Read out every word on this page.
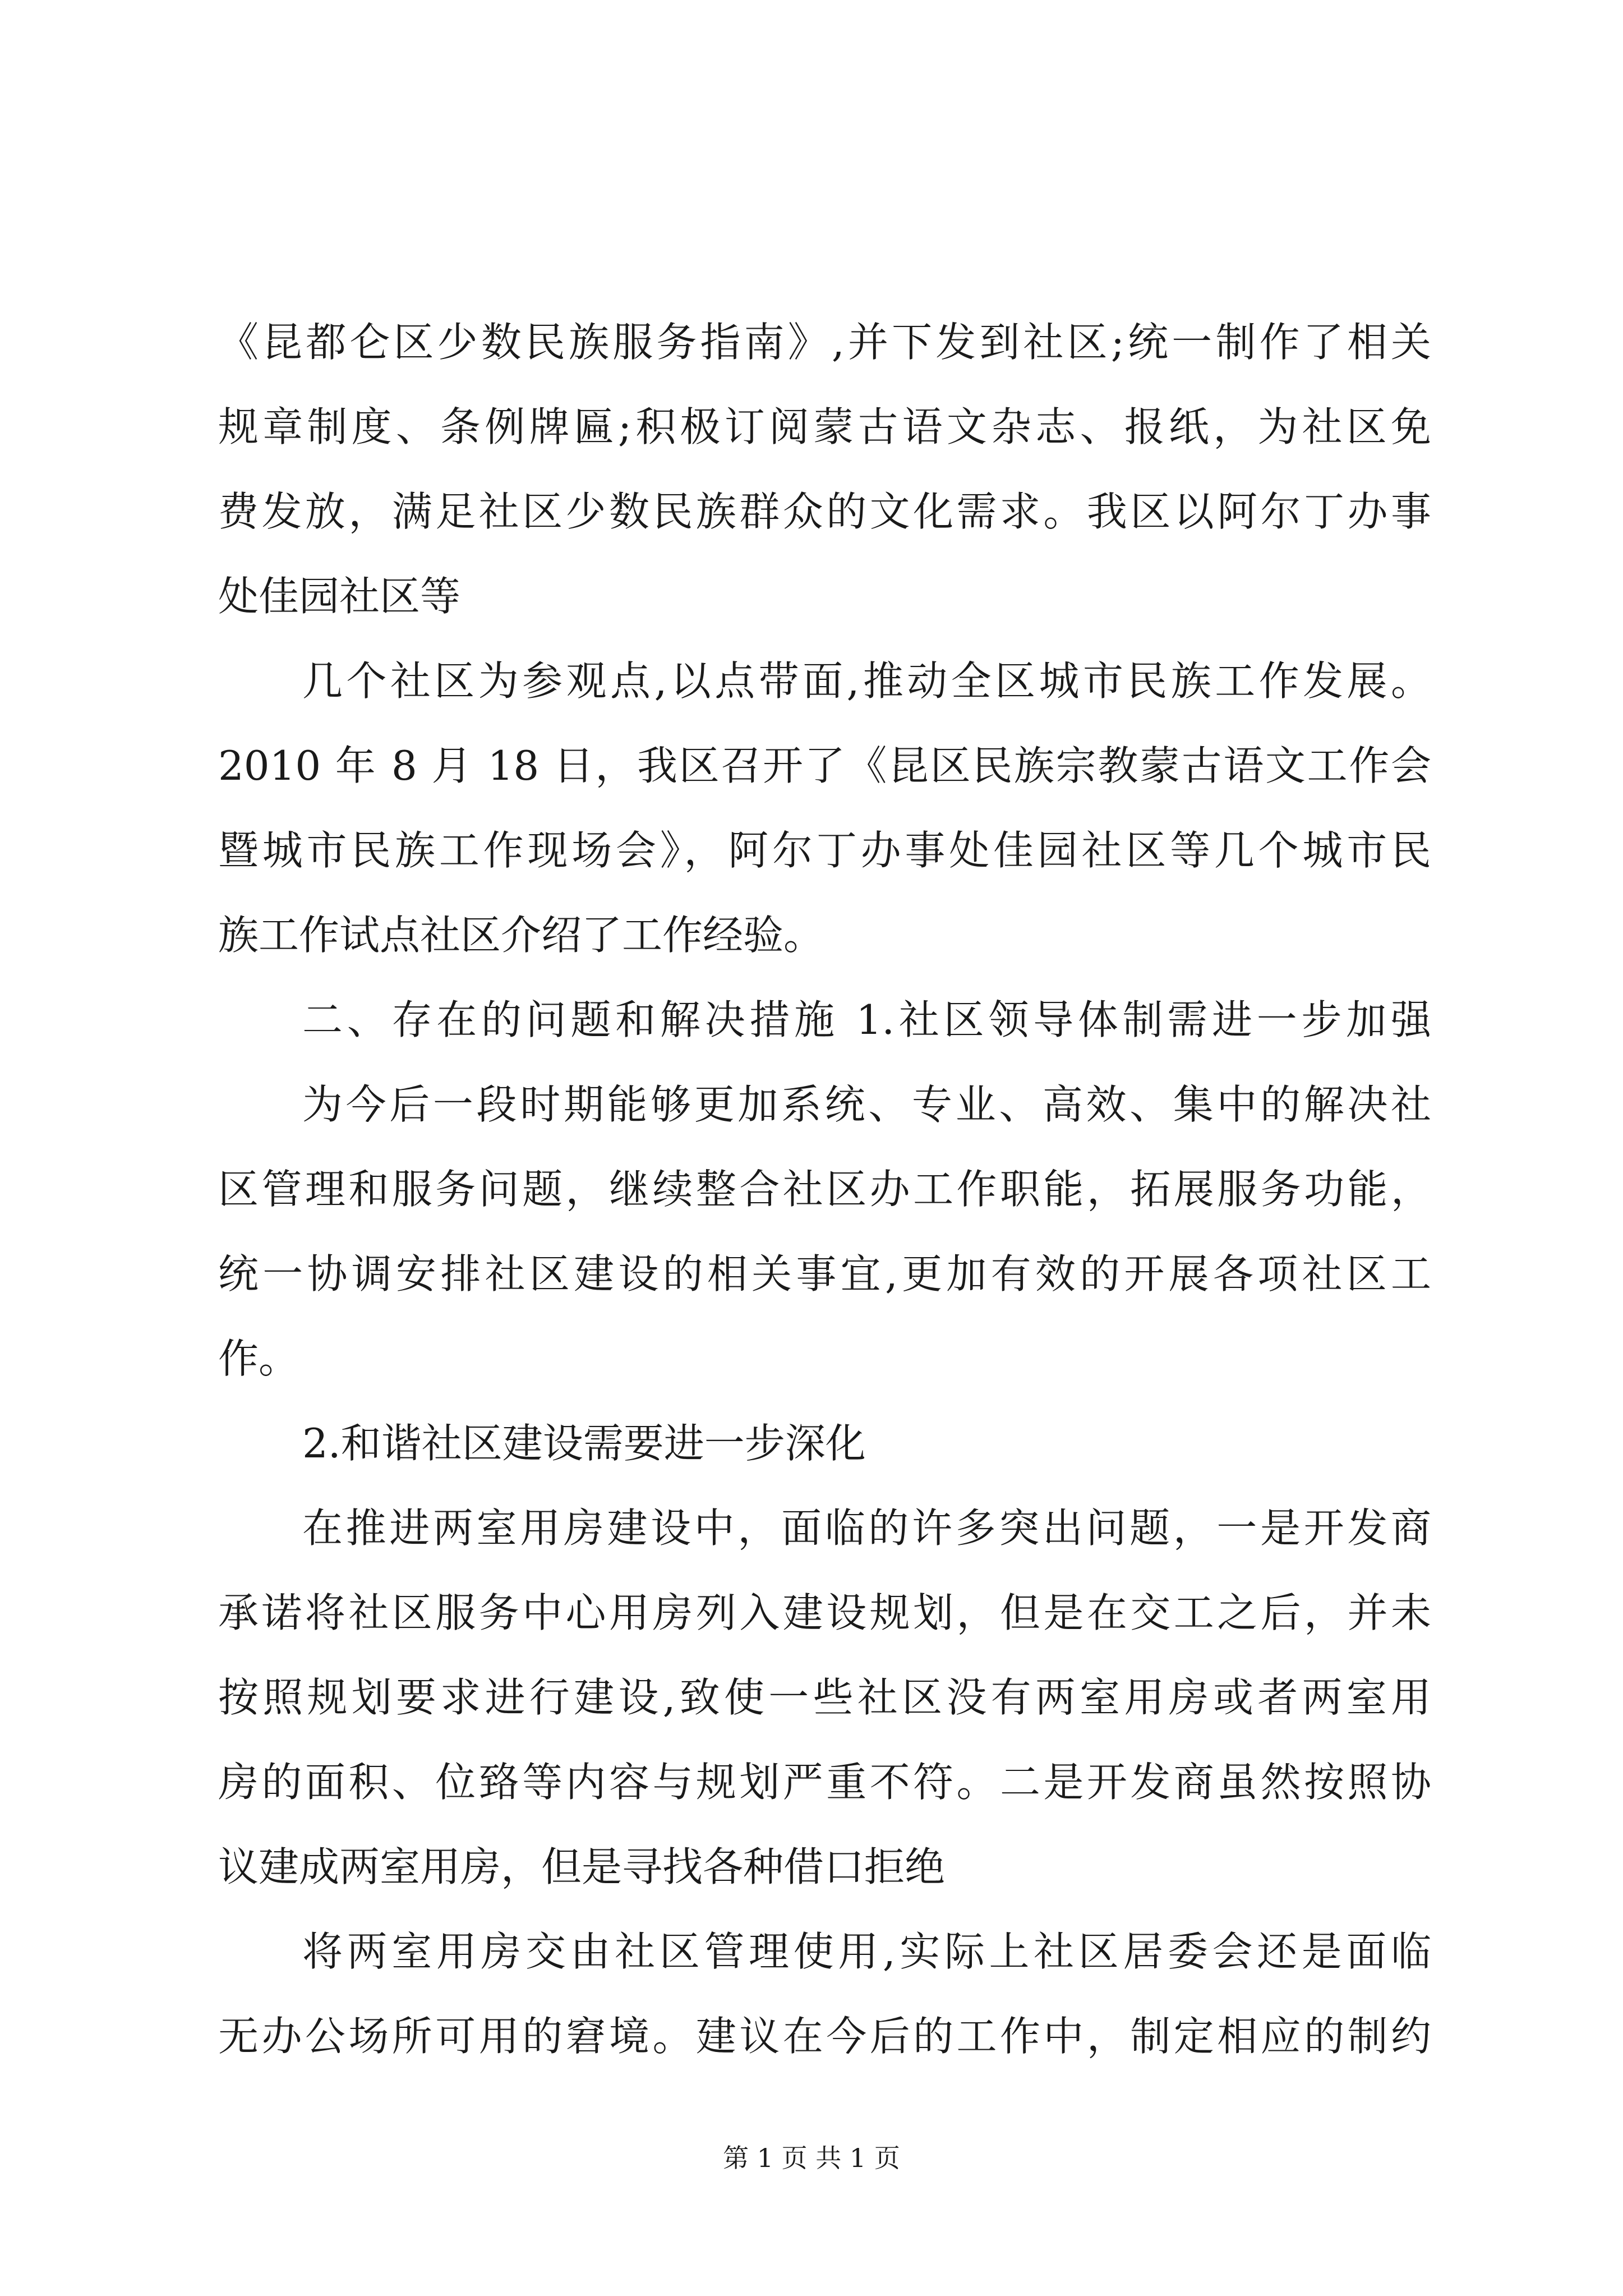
《昆都仑区少数民族服务指南》,并下发到社区;统一制作了相关
规章制度、条例牌匾;积极订阅蒙古语文杂志、报纸，为社区免
费发放，满足社区少数民族群众的文化需求。我区以阿尔丁办事
处佳园社区等
几个社区为参观点,以点带面,推动全区城市民族工作发展。
2010 年 8 月 18 日，我区召开了《昆区民族宗教蒙古语文工作会
暨城市民族工作现场会》，阿尔丁办事处佳园社区等几个城市民
族工作试点社区介绍了工作经验。
二、存在的问题和解决措施 1.社区领导体制需进一步加强
为今后一段时期能够更加系统、专业、高效、集中的解决社
区管理和服务问题，继续整合社区办工作职能，拓展服务功能，
统一协调安排社区建设的相关事宜,更加有效的开展各项社区工
作。
2.和谐社区建设需要进一步深化
在推进两室用房建设中，面临的许多突出问题，一是开发商
承诺将社区服务中心用房列入建设规划，但是在交工之后，并未
按照规划要求进行建设,致使一些社区没有两室用房或者两室用
房的面积、位臵等内容与规划严重不符。二是开发商虽然按照协
议建成两室用房，但是寻找各种借口拒绝
将两室用房交由社区管理使用,实际上社区居委会还是面临
无办公场所可用的窘境。建议在今后的工作中，制定相应的制约
第 1 页 共 1 页
